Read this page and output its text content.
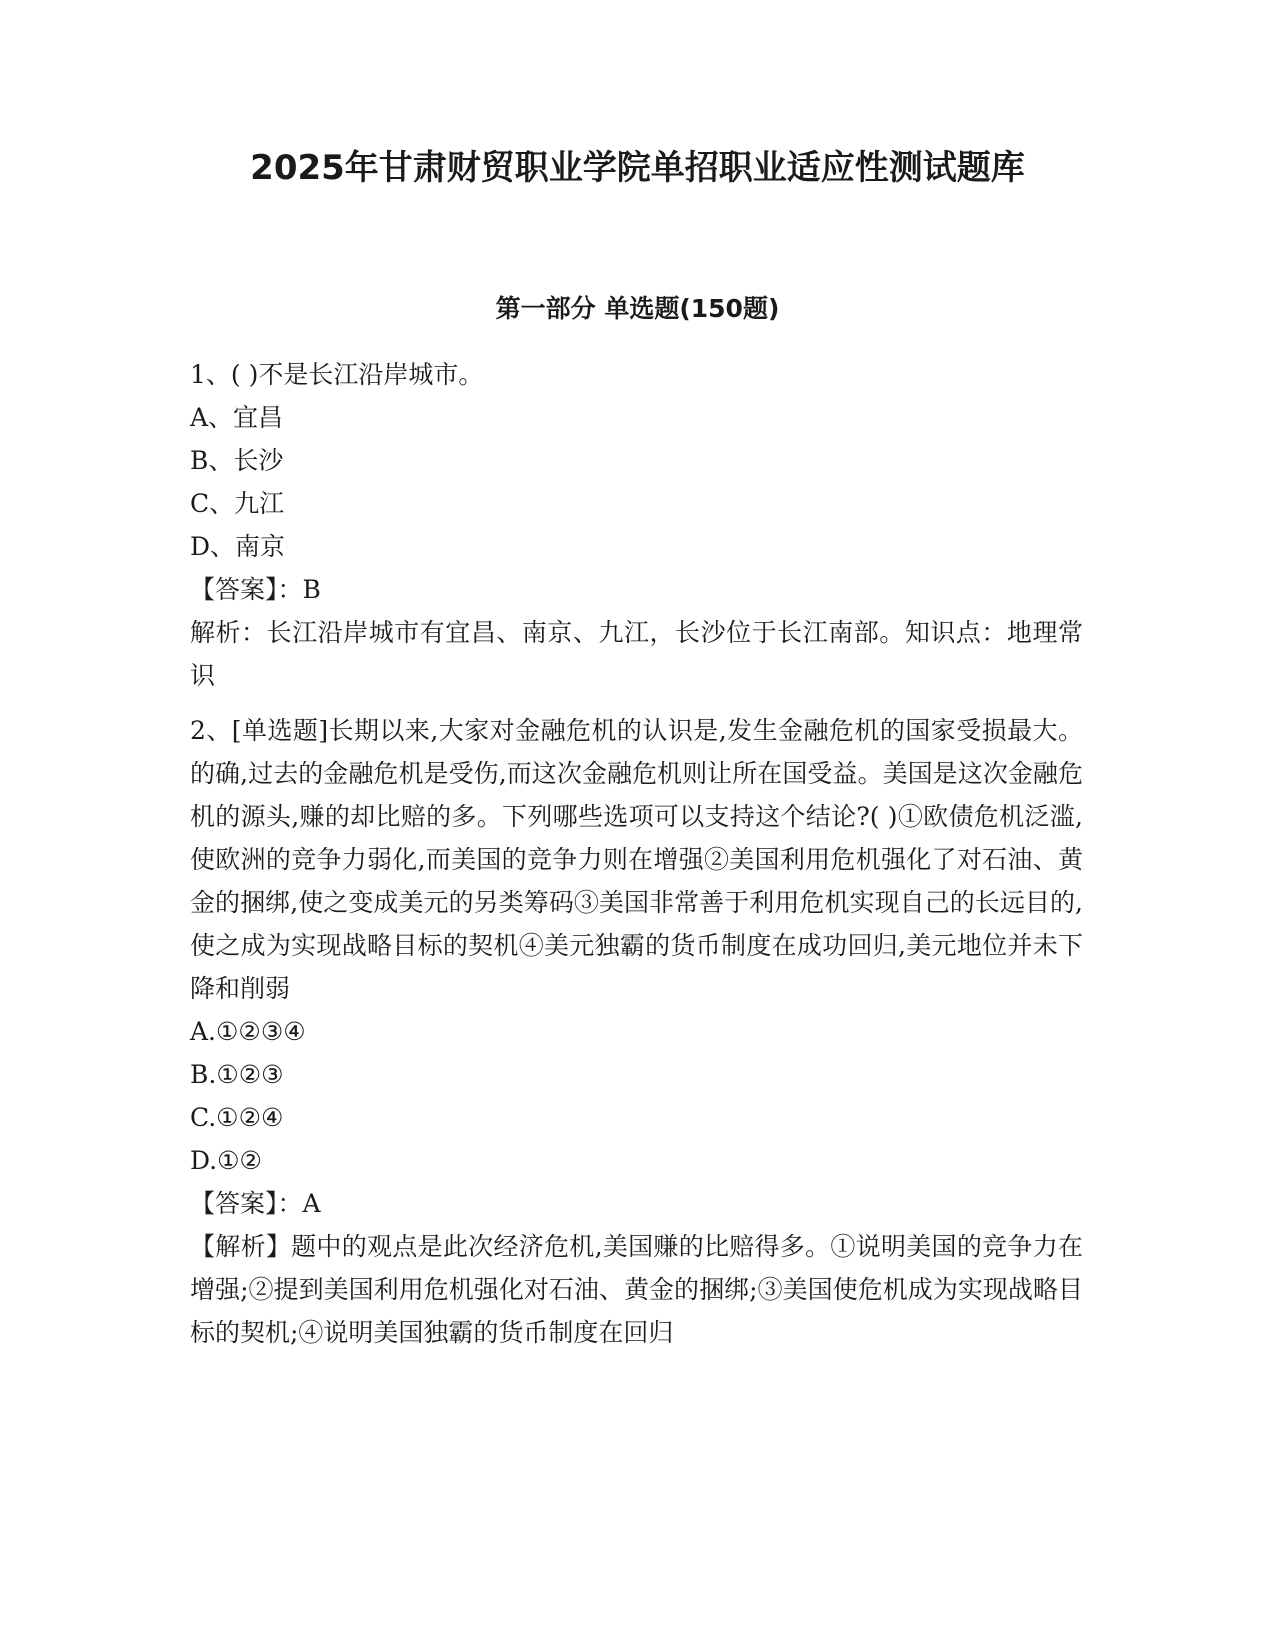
2025年甘肃财贸职业学院单招职业适应性测试题库
第一部分 单选题(150题)
1、( )不是长江沿岸城市。
A、宜昌
B、长沙
C、九江
D、南京
【答案】：B
解析：长江沿岸城市有宜昌、南京、九江，长沙位于长江南部。知识点：地理常识
2、[单选题]长期以来,大家对金融危机的认识是,发生金融危机的国家受损最大。的确,过去的金融危机是受伤,而这次金融危机则让所在国受益。美国是这次金融危机的源头,赚的却比赔的多。下列哪些选项可以支持这个结论?( )①欧债危机泛滥,使欧洲的竞争力弱化,而美国的竞争力则在增强②美国利用危机强化了对石油、黄金的捆绑,使之变成美元的另类筹码③美国非常善于利用危机实现自己的长远目的,使之成为实现战略目标的契机④美元独霸的货币制度在成功回归,美元地位并未下降和削弱
A.①②③④
B.①②③
C.①②④
D.①②
【答案】：A
【解析】题中的观点是此次经济危机,美国赚的比赔得多。①说明美国的竞争力在增强;②提到美国利用危机强化对石油、黄金的捆绑;③美国使危机成为实现战略目标的契机;④说明美国独霸的货币制度在回归
